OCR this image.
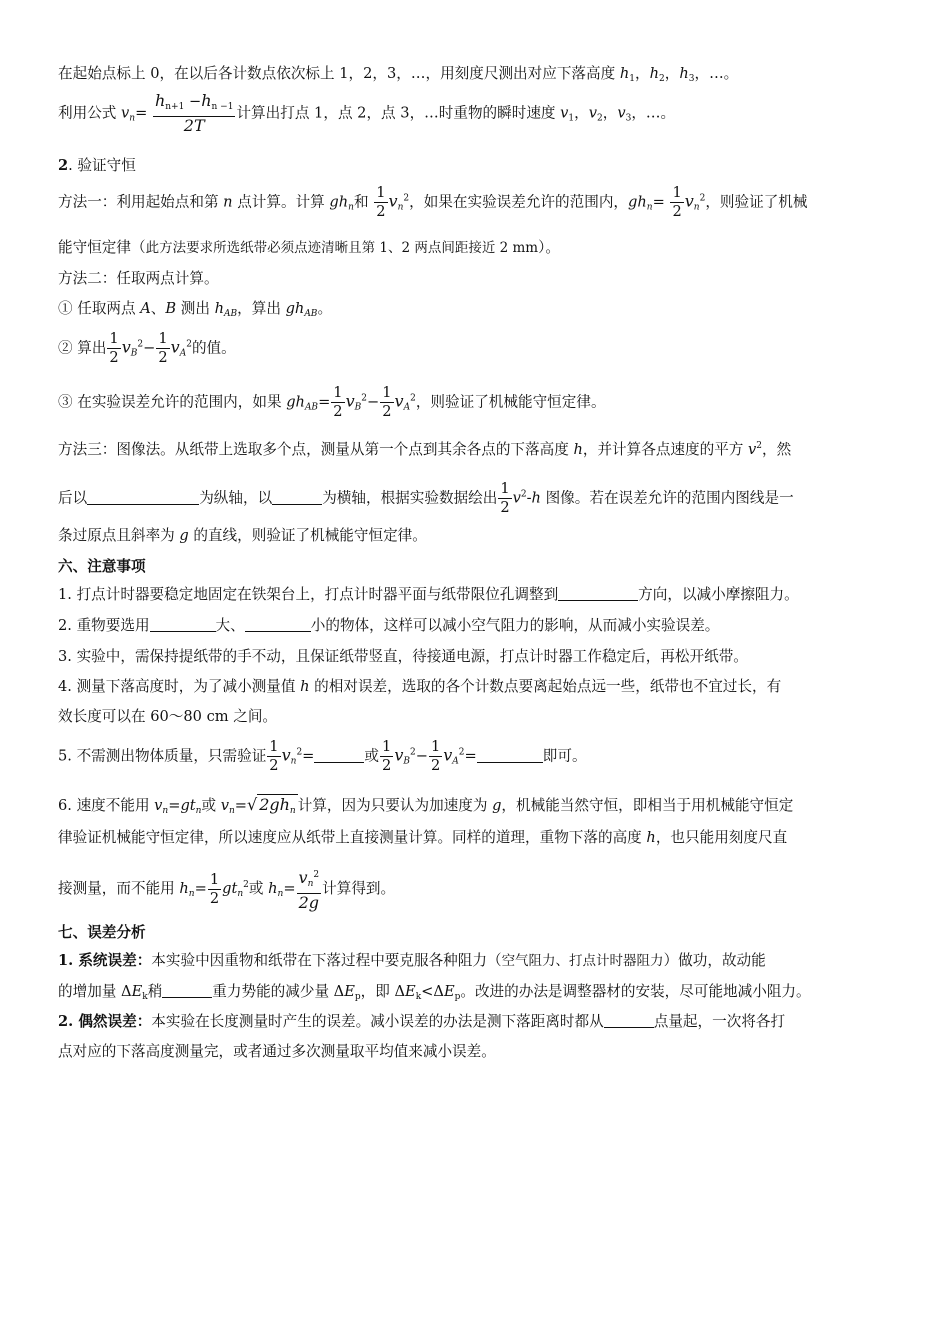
在起始点标上 0，在以后各计数点依次标上 1，2，3，…，用刻度尺测出对应下落高度 $h_1$，$h_2$，$h_3$，…。
利用公式 $v_n= \frac{h_{n+1} -h_{n -1}}{2T}$ 计算出打点 1，点 2，点 3，…时重物的瞬时速度 $v_1$，$v_2$，$v_3$，…。
2. 验证守恒
方法一：利用起始点和第 n 点计算。计算 $gh_n$和 $\frac{1}{2} v_n^2$，如果在实验误差允许的范围内，$gh_n= \frac{1}{2} v_n^2$，则验证了机械
能守恒定律（此方法要求所选纸带必须点迹清晰且第 1、2 两点间距接近 2 mm）。
方法二：任取两点计算。
① 任取两点 A、B 测出 $h_{AB}$，算出 $gh_{AB}$。
② 算出 $\frac{1}{2} v_B^2- \frac{1}{2} v_A^2$的值。
③ 在实验误差允许的范围内，如果 $gh_{AB}= \frac{1}{2} v_B^2- \frac{1}{2} v_A^2$，则验证了机械能守恒定律。
方法三：图像法。从纸带上选取多个点，测量从第一个点到其余各点的下落高度 h，并计算各点速度的平方 $v^2$，然
后以	为纵轴，以	为横轴，根据实验数据绘出 $\frac{1}{2} v^2-h$ 图像。若在误差允许的范围内图线是一
条过原点且斜率为 g 的直线，则验证了机械能守恒定律。
六、注意事项
1. 打点计时器要稳定地固定在铁架台上，打点计时器平面与纸带限位孔调整到	方向，以减小摩擦阻力。
2. 重物要选用	大、	小的物体，这样可以减小空气阻力的影响，从而减小实验误差。
3. 实验中，需保持提纸带的手不动，且保证纸带竖直，待接通电源，打点计时器工作稳定后，再松开纸带。
4. 测量下落高度时，为了减小测量值 h 的相对误差，选取的各个计数点要离起始点远一些，纸带也不宜过长，有
效长度可以在 60～80 cm 之间。
5. 不需测出物体质量，只需验证 $\frac{1}{2} v_n^2=$	或 $\frac{1}{2} v_B^2- \frac{1}{2} v_A^2=$	即可。
6. 速度不能用 $v_n=gt_n$或 $v_n=√$ $2gh_n$ 计算，因为只要认为加速度为 g，机械能当然守恒，即相当于用机械能守恒定
律验证机械能守恒定律，所以速度应从纸带上直接测量计算。同样的道理，重物下落的高度 h，也只能用刻度尺直
接测量，而不能用 $h_n= \frac{1}{2} gt_n^2$或 $h_n= \frac{v_n^2}{2g}$ 计算得到。
七、误差分析
1. 系统误差：本实验中因重物和纸带在下落过程中要克服各种阻力（空气阻力、打点计时器阻力）做功，故动能
的增加量 $\Delta E_k$稍	重力势能的减少量 $\Delta E_p$，即 $\Delta E_k<\Delta E_p$。改进的办法是调整器材的安装，尽可能地减小阻力。
2. 偶然误差：本实验在长度测量时产生的误差。减小误差的办法是测下落距离时都从	点量起，一次将各打
点对应的下落高度测量完，或者通过多次测量取平均值来减小误差。
